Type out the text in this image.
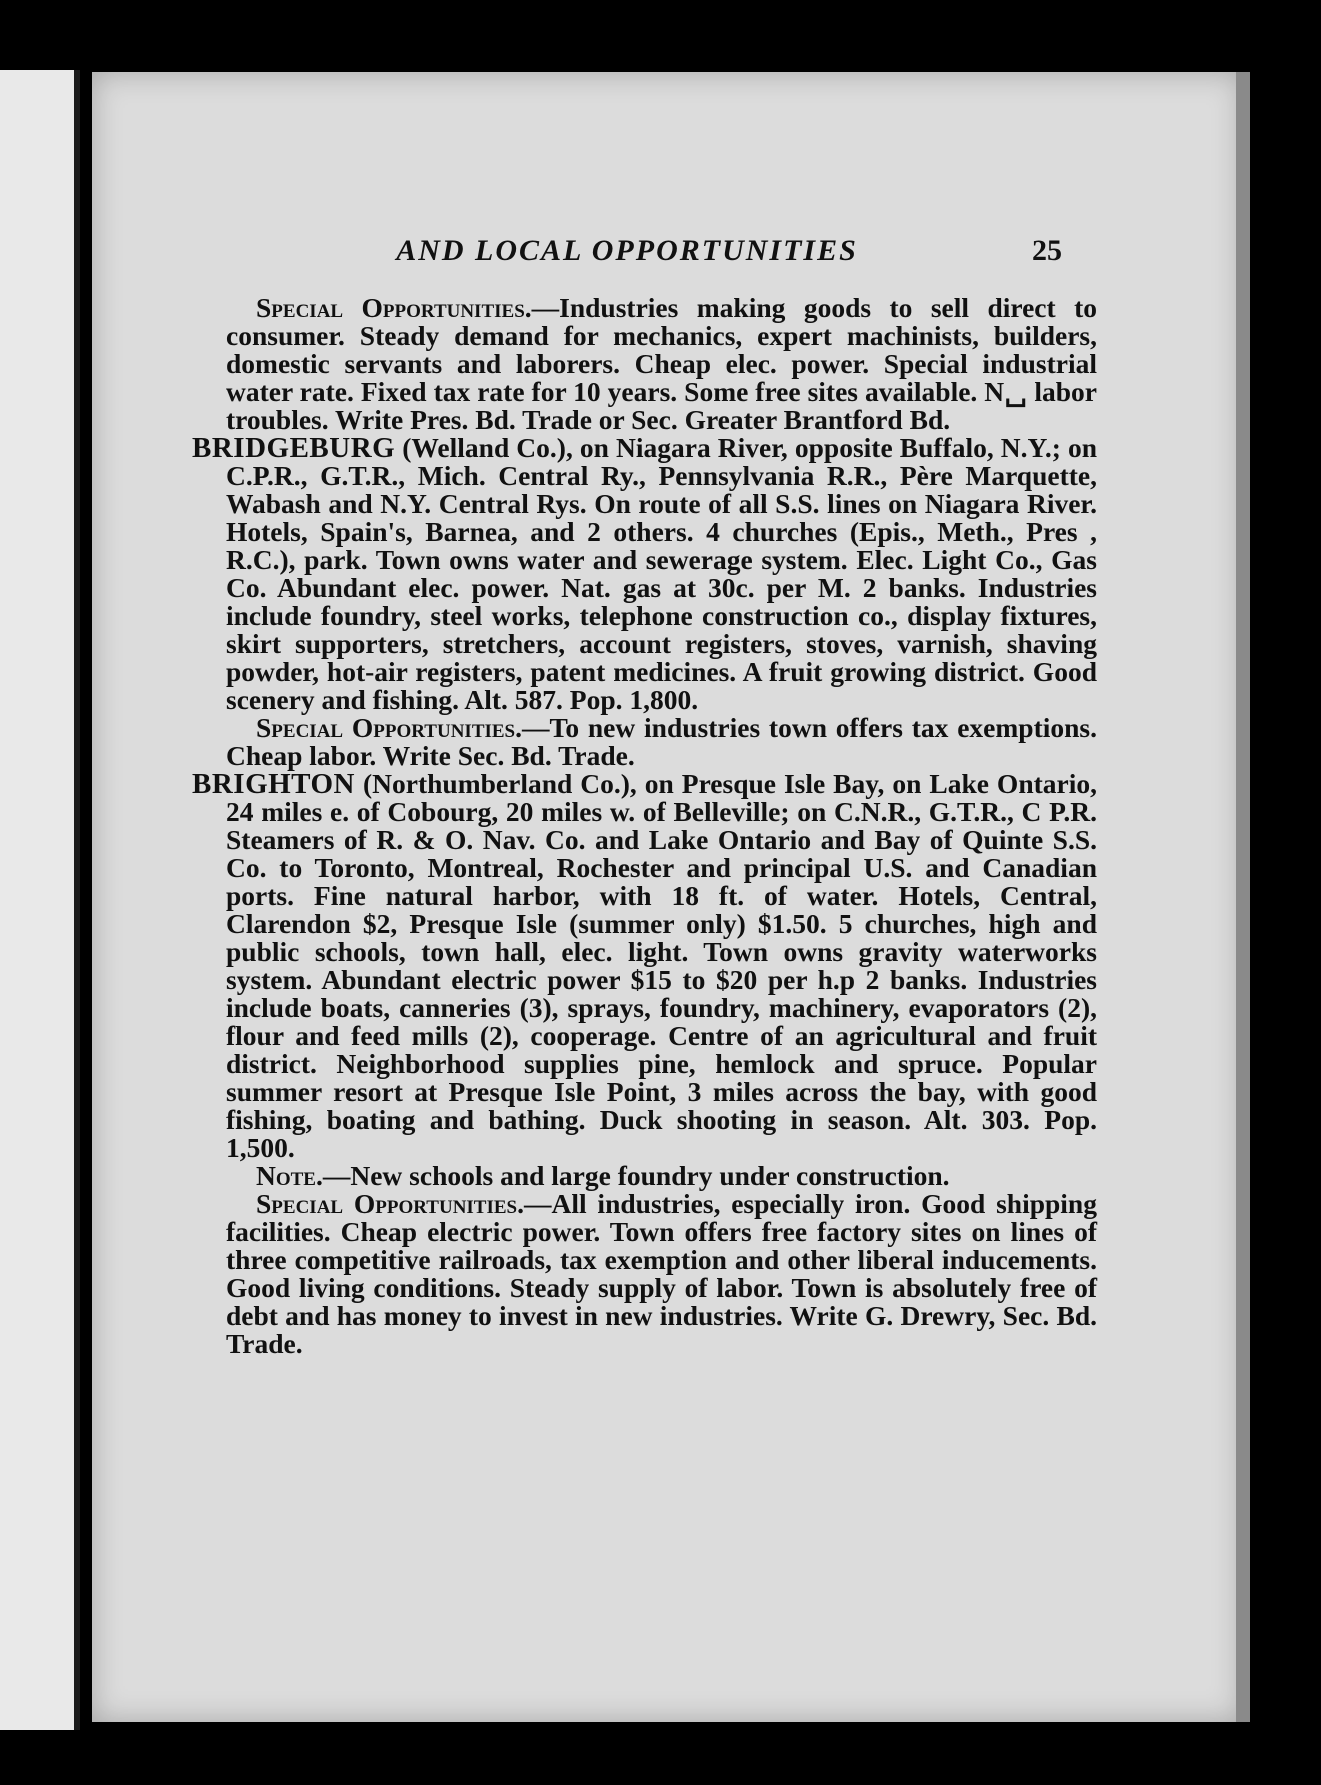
AND LOCAL OPPORTUNITIES	25

Special Opportunities.—Industries making goods to sell direct to consumer. Steady demand for mechanics, expert machinists, builders, domestic servants and laborers. Cheap elec. power. Special industrial water rate. Fixed tax rate for 10 years. Some free sites available. N␣ labor troubles. Write Pres. Bd. Trade or Sec. Greater Brantford Bd.

BRIDGEBURG (Welland Co.), on Niagara River, opposite Buffalo, N.Y.; on C.P.R., G.T.R., Mich. Central Ry., Pennsylvania R.R., Père Marquette, Wabash and N.Y. Central Rys. On route of all S.S. lines on Niagara River. Hotels, Spain's, Barnea, and 2 others. 4 churches (Epis., Meth., Pres , R.C.), park. Town owns water and sewerage system. Elec. Light Co., Gas Co. Abundant elec. power. Nat. gas at 30c. per M. 2 banks. Industries include foundry, steel works, telephone construction co., display fixtures, skirt supporters, stretchers, account registers, stoves, varnish, shaving powder, hot-air registers, patent medicines. A fruit growing district. Good scenery and fishing. Alt. 587. Pop. 1,800.

Special Opportunities.—To new industries town offers tax exemptions. Cheap labor. Write Sec. Bd. Trade.

BRIGHTON (Northumberland Co.), on Presque Isle Bay, on Lake Ontario, 24 miles e. of Cobourg, 20 miles w. of Belleville; on C.N.R., G.T.R., C P.R. Steamers of R. & O. Nav. Co. and Lake Ontario and Bay of Quinte S.S. Co. to Toronto, Montreal, Rochester and principal U.S. and Canadian ports. Fine natural harbor, with 18 ft. of water. Hotels, Central, Clarendon $2, Presque Isle (summer only) $1.50. 5 churches, high and public schools, town hall, elec. light. Town owns gravity waterworks system. Abundant electric power $15 to $20 per h.p 2 banks. Industries include boats, canneries (3), sprays, foundry, machinery, evaporators (2), flour and feed mills (2), cooperage. Centre of an agricultural and fruit district. Neighborhood supplies pine, hemlock and spruce. Popular summer resort at Presque Isle Point, 3 miles across the bay, with good fishing, boating and bathing. Duck shooting in season. Alt. 303. Pop. 1,500.

Note.—New schools and large foundry under construction.

Special Opportunities.—All industries, especially iron. Good shipping facilities. Cheap electric power. Town offers free factory sites on lines of three competitive railroads, tax exemption and other liberal inducements. Good living conditions. Steady supply of labor. Town is absolutely free of debt and has money to invest in new industries. Write G. Drewry, Sec. Bd. Trade.
